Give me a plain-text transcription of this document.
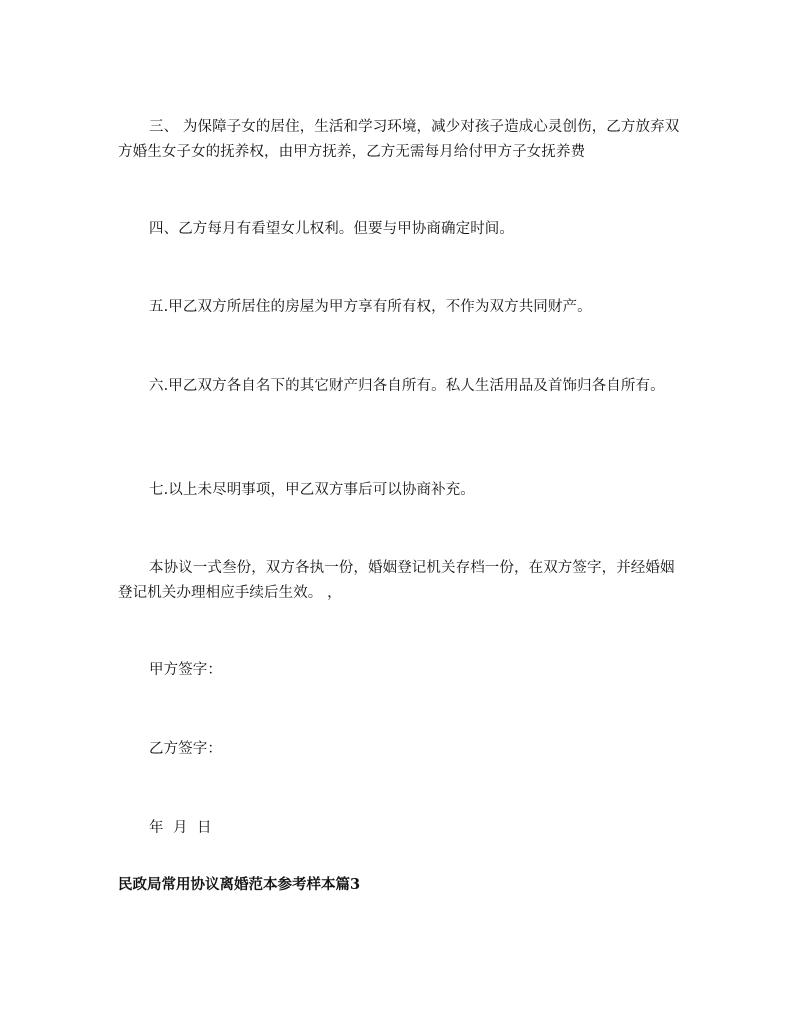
三、 为保障子女的居住，生活和学习环境，减少对孩子造成心灵创伤，乙方放弃双方婚生女子女的抚养权，由甲方抚养，乙方无需每月给付甲方子女抚养费

四、乙方每月有看望女儿权利。但要与甲协商确定时间。

五.甲乙双方所居住的房屋为甲方享有所有权，不作为双方共同财产。

六.甲乙双方各自名下的其它财产归各自所有。私人生活用品及首饰归各自所有。

七.以上未尽明事项，甲乙双方事后可以协商补充。

本协议一式叁份，双方各执一份，婚姻登记机关存档一份，在双方签字，并经婚姻登记机关办理相应手续后生效。 ，

甲方签字：

乙方签字：

年  月  日

民政局常用协议离婚范本参考样本篇3
